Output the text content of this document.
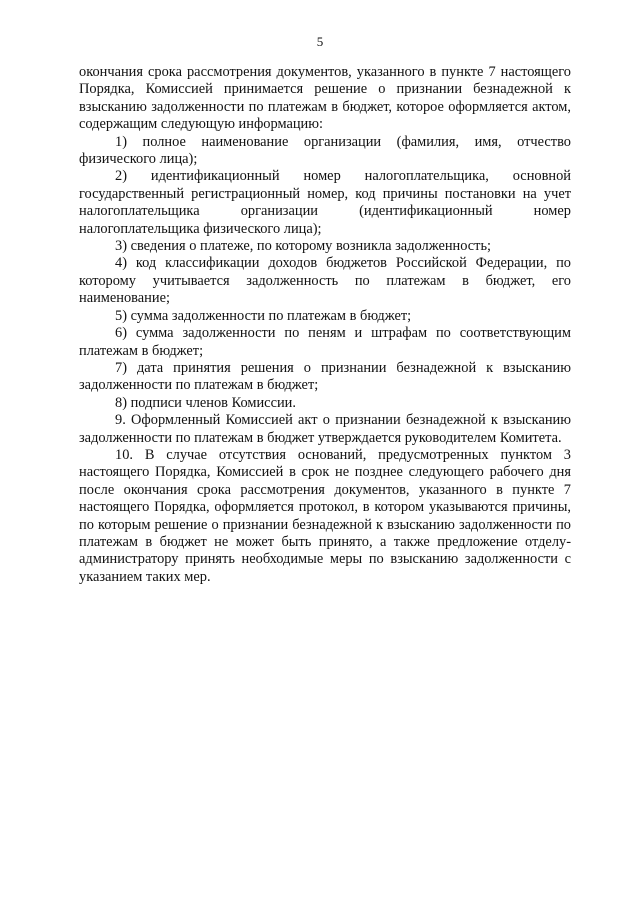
5

окончания срока рассмотрения документов, указанного в пункте 7 настоящего Порядка, Комиссией принимается решение о признании безнадежной к взысканию задолженности по платежам в бюджет, которое оформляется актом, содержащим следующую информацию:

1) полное наименование организации (фамилия, имя, отчество физического лица);

2) идентификационный номер налогоплательщика, основной государственный регистрационный номер, код причины постановки на учет налогоплательщика организации (идентификационный номер налогоплательщика физического лица);

3) сведения о платеже, по которому возникла задолженность;

4) код классификации доходов бюджетов Российской Федерации, по которому учитывается задолженность по платежам в бюджет, его наименование;

5) сумма задолженности по платежам в бюджет;

6) сумма задолженности по пеням и штрафам по соответствующим платежам в бюджет;

7) дата принятия решения о признании безнадежной к взысканию задолженности по платежам в бюджет;

8) подписи членов Комиссии.

9. Оформленный Комиссией акт о признании безнадежной к взысканию задолженности по платежам в бюджет утверждается руководителем Комитета.

10. В случае отсутствия оснований, предусмотренных пунктом 3 настоящего Порядка, Комиссией в срок не позднее следующего рабочего дня после окончания срока рассмотрения документов, указанного в пункте 7 настоящего Порядка, оформляется протокол, в котором указываются причины, по которым решение о признании безнадежной к взысканию задолженности по платежам в бюджет не может быть принято, а также предложение отделу-администратору принять необходимые меры по взысканию задолженности с указанием таких мер.
